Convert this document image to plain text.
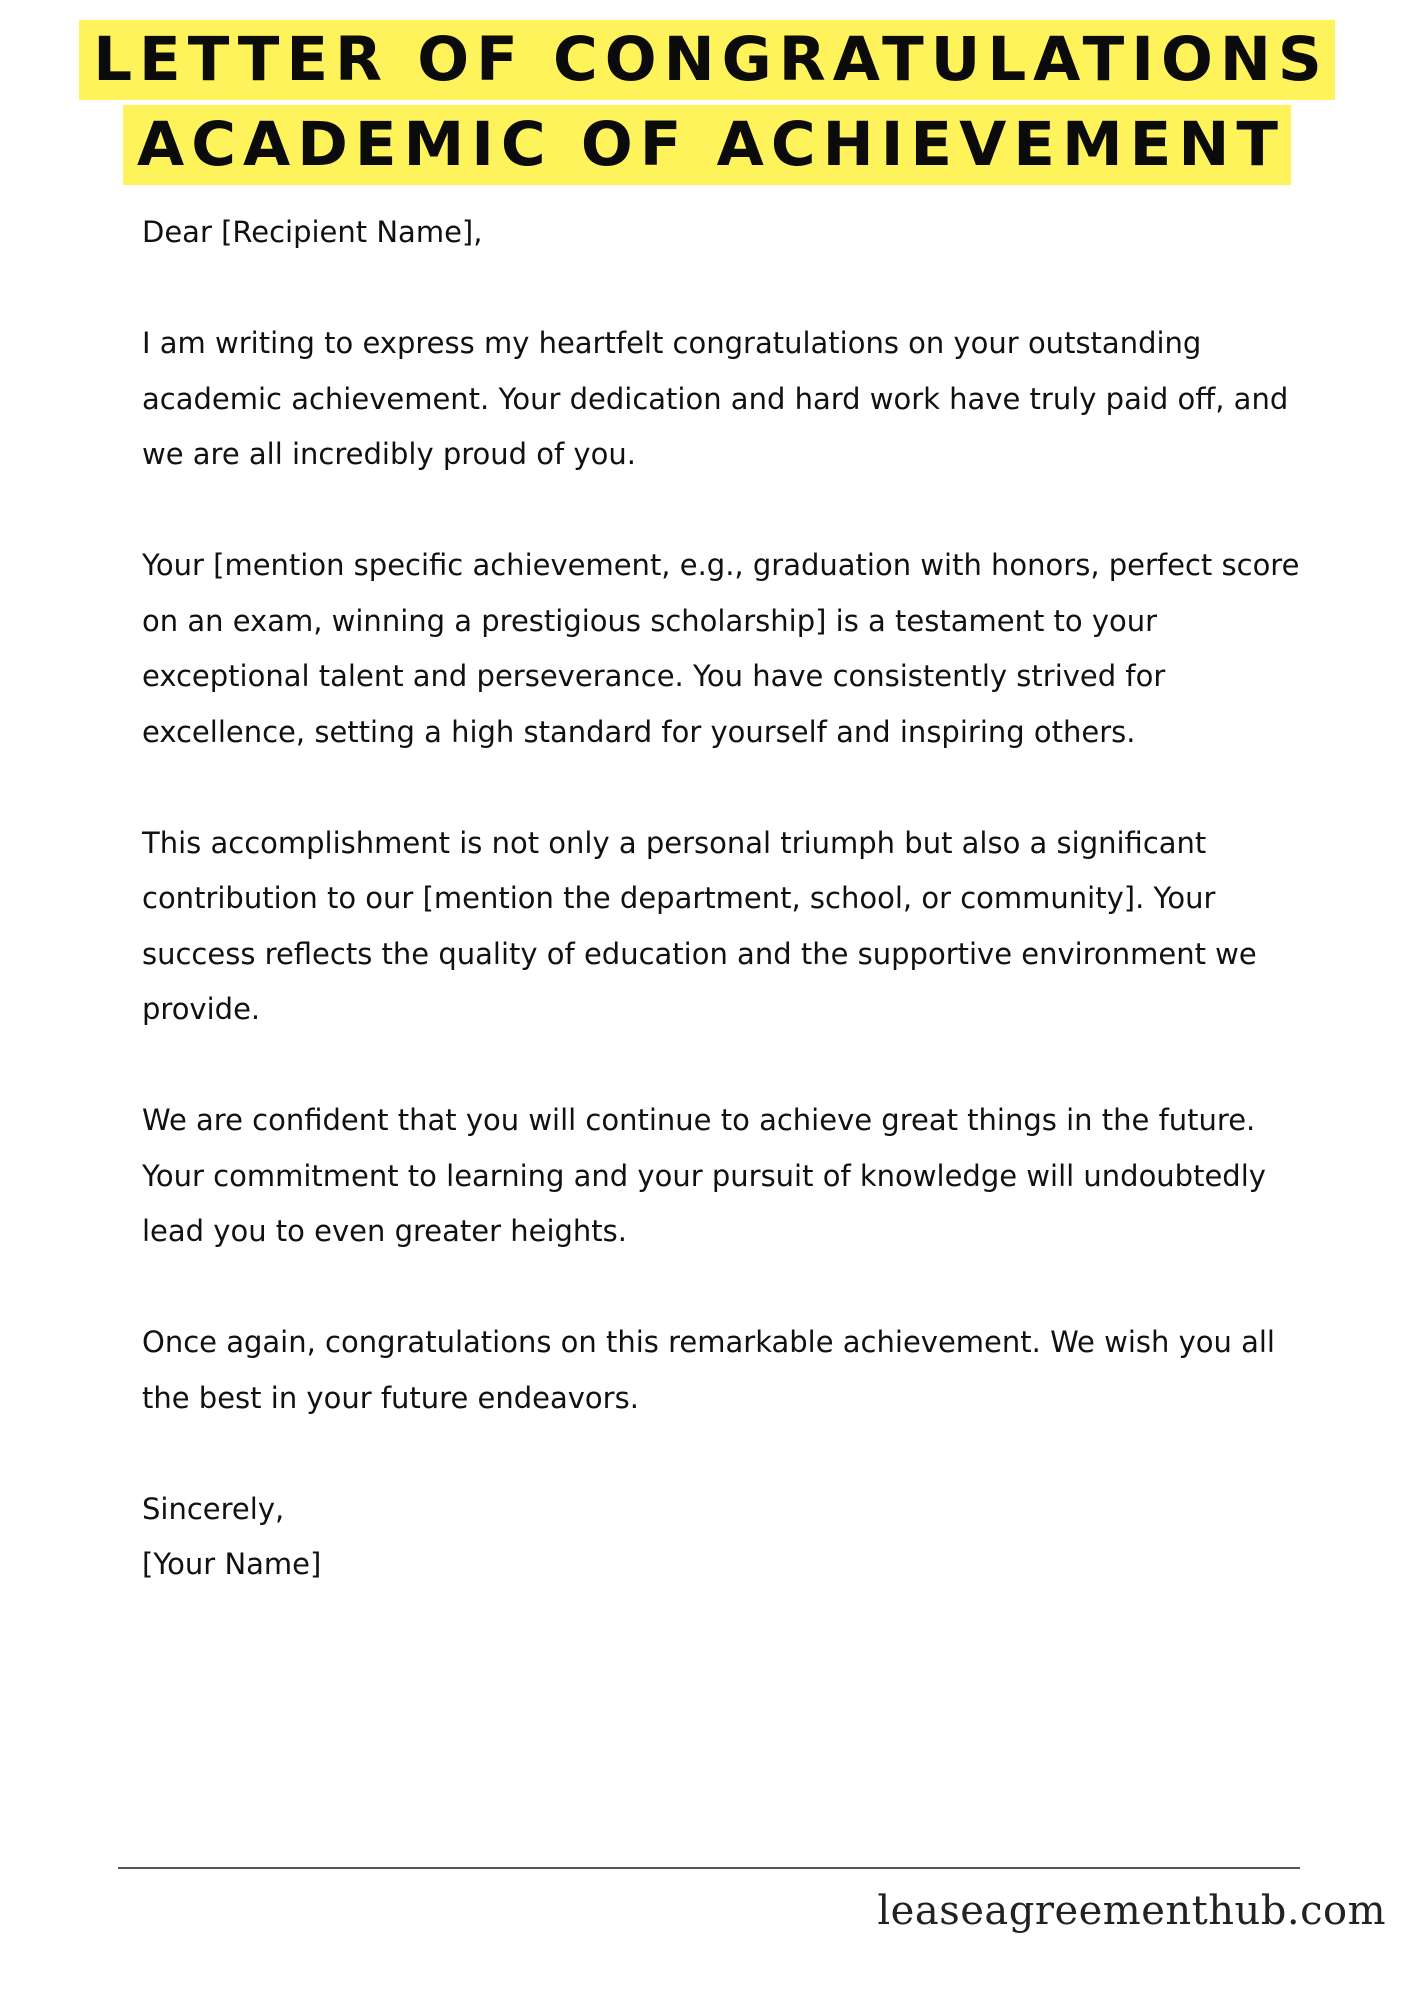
LETTER OF CONGRATULATIONS
ACADEMIC OF ACHIEVEMENT

Dear [Recipient Name],

I am writing to express my heartfelt congratulations on your outstanding academic achievement. Your dedication and hard work have truly paid off, and we are all incredibly proud of you.

Your [mention specific achievement, e.g., graduation with honors, perfect score on an exam, winning a prestigious scholarship] is a testament to your exceptional talent and perseverance. You have consistently strived for excellence, setting a high standard for yourself and inspiring others.

This accomplishment is not only a personal triumph but also a significant contribution to our [mention the department, school, or community]. Your success reflects the quality of education and the supportive environment we provide.

We are confident that you will continue to achieve great things in the future. Your commitment to learning and your pursuit of knowledge will undoubtedly lead you to even greater heights.

Once again, congratulations on this remarkable achievement. We wish you all the best in your future endeavors.

Sincerely,

[Your Name]

leaseagreementhub.com
